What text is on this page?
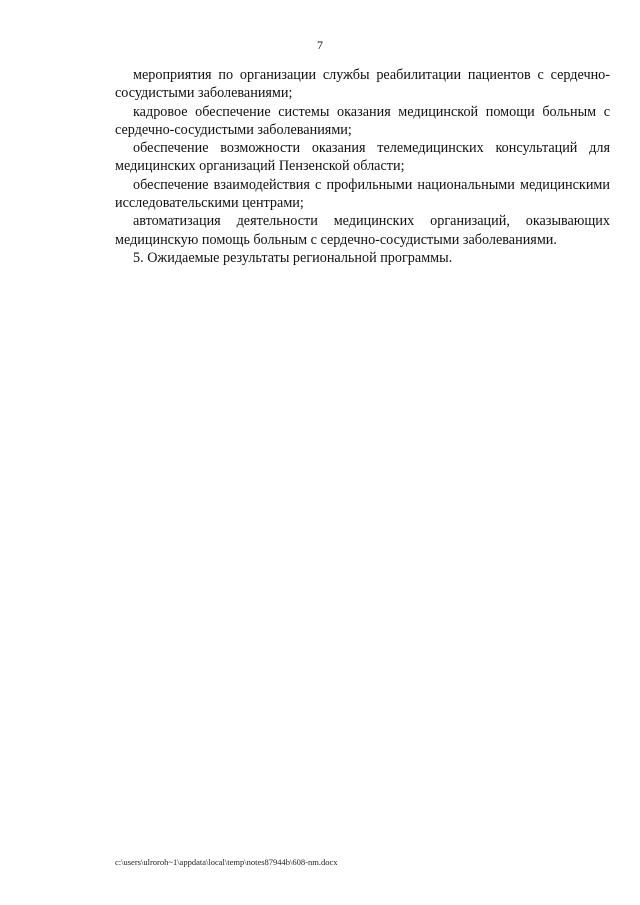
7

мероприятия по организации службы реабилитации пациентов с сердечно-сосудистыми заболеваниями;

кадровое обеспечение системы оказания медицинской помощи больным с сердечно-сосудистыми заболеваниями;

обеспечение возможности оказания телемедицинских консультаций для медицинских организаций Пензенской области;

обеспечение взаимодействия с профильными национальными медицинскими исследовательскими центрами;

автоматизация деятельности медицинских организаций, оказывающих медицинскую помощь больным с сердечно-сосудистыми заболеваниями.

5. Ожидаемые результаты региональной программы.

c:\users\ulroroh~1\appdata\local\temp\notes87944b\608-nm.docx
